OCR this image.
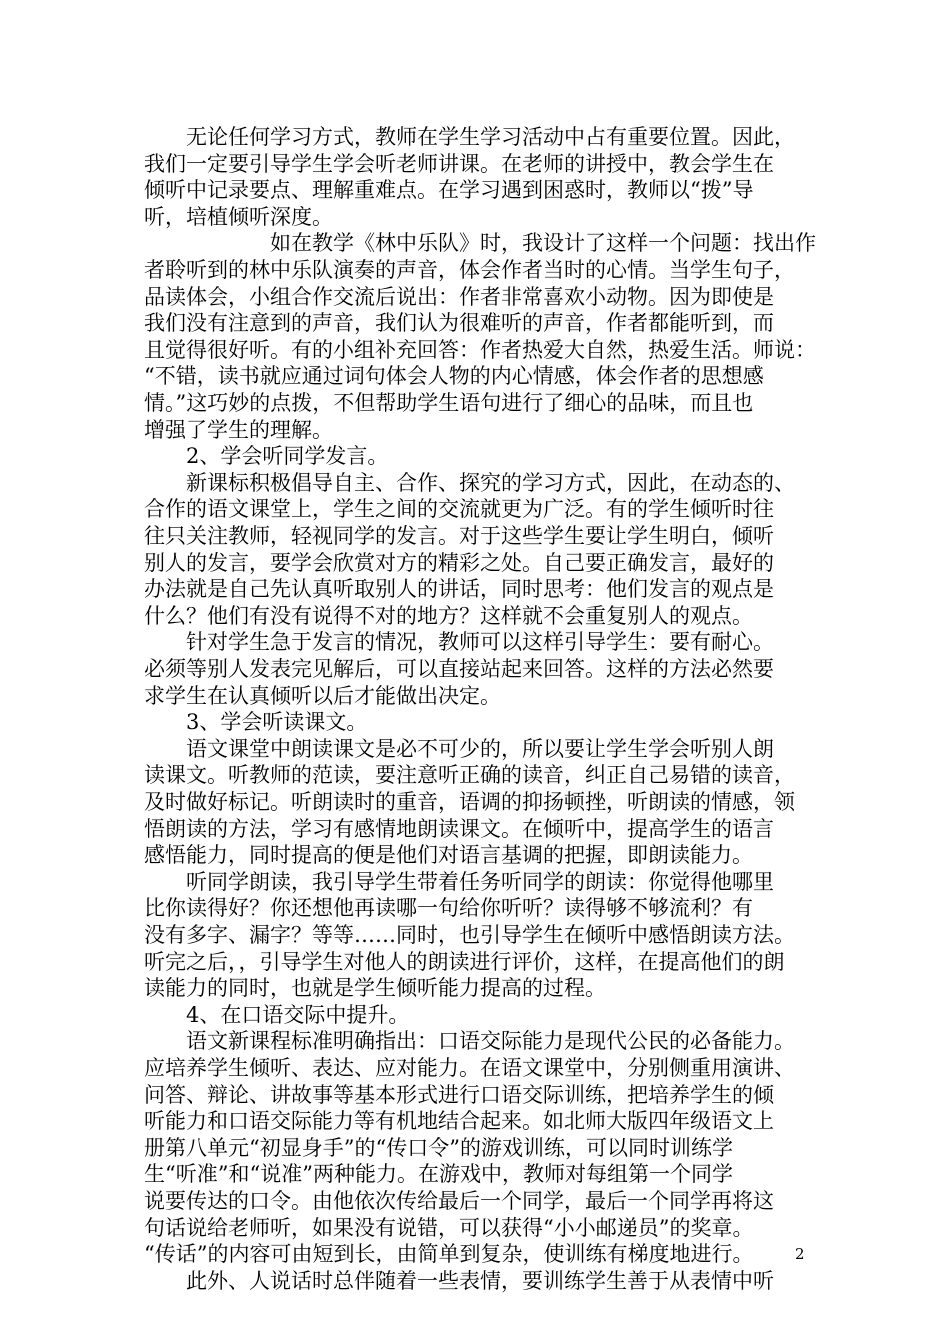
　　无论任何学习方式，教师在学生学习活动中占有重要位置。因此，
我们一定要引导学生学会听老师讲课。在老师的讲授中，教会学生在
倾听中记录要点、理解重难点。在学习遇到困惑时，教师以“拨”导
听，培植倾听深度。
　　　　　　如在教学《林中乐队》时，我设计了这样一个问题：找出作
者聆听到的林中乐队演奏的声音，体会作者当时的心情。当学生句子，
品读体会，小组合作交流后说出：作者非常喜欢小动物。因为即使是
我们没有注意到的声音，我们认为很难听的声音，作者都能听到，而
且觉得很好听。有的小组补充回答：作者热爱大自然，热爱生活。师说：
“不错，读书就应通过词句体会人物的内心情感，体会作者的思想感
情。”这巧妙的点拨，不但帮助学生语句进行了细心的品味，而且也
增强了学生的理解。
　　2、学会听同学发言。
　　新课标积极倡导自主、合作、探究的学习方式，因此，在动态的、
合作的语文课堂上，学生之间的交流就更为广泛。有的学生倾听时往
往只关注教师，轻视同学的发言。对于这些学生要让学生明白，倾听
别人的发言，要学会欣赏对方的精彩之处。自己要正确发言，最好的
办法就是自己先认真听取别人的讲话，同时思考：他们发言的观点是
什么？他们有没有说得不对的地方？这样就不会重复别人的观点。
　　针对学生急于发言的情况，教师可以这样引导学生：要有耐心。
必须等别人发表完见解后，可以直接站起来回答。这样的方法必然要
求学生在认真倾听以后才能做出决定。
　　3、学会听读课文。
　　语文课堂中朗读课文是必不可少的，所以要让学生学会听别人朗
读课文。听教师的范读，要注意听正确的读音，纠正自己易错的读音，
及时做好标记。听朗读时的重音，语调的抑扬顿挫，听朗读的情感，领
悟朗读的方法，学习有感情地朗读课文。在倾听中，提高学生的语言
感悟能力，同时提高的便是他们对语言基调的把握，即朗读能力。
　　听同学朗读，我引导学生带着任务听同学的朗读：你觉得他哪里
比你读得好？你还想他再读哪一句给你听听？读得够不够流利？有
没有多字、漏字？等等……同时，也引导学生在倾听中感悟朗读方法。
听完之后，，引导学生对他人的朗读进行评价，这样，在提高他们的朗
读能力的同时，也就是学生倾听能力提高的过程。
　　4、在口语交际中提升。
　　语文新课程标准明确指出：口语交际能力是现代公民的必备能力。
应培养学生倾听、表达、应对能力。在语文课堂中，分别侧重用演讲、
问答、辩论、讲故事等基本形式进行口语交际训练，把培养学生的倾
听能力和口语交际能力等有机地结合起来。如北师大版四年级语文上
册第八单元“初显身手”的“传口令”的游戏训练，可以同时训练学
生“听准”和“说准”两种能力。在游戏中，教师对每组第一个同学
说要传达的口令。由他依次传给最后一个同学，最后一个同学再将这
句话说给老师听，如果没有说错，可以获得“小小邮递员”的奖章。
“传话”的内容可由短到长，由简单到复杂，使训练有梯度地进行。
　　此外、人说话时总伴随着一些表情，要训练学生善于从表情中听
2
